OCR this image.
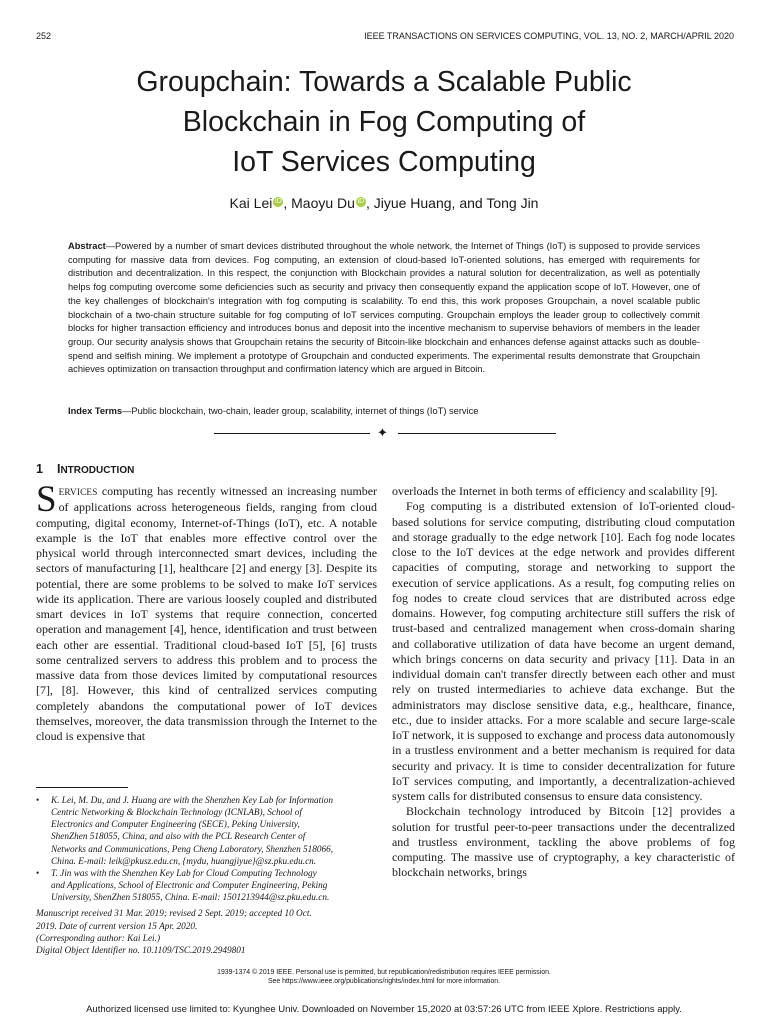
252	IEEE TRANSACTIONS ON SERVICES COMPUTING, VOL. 13, NO. 2, MARCH/APRIL 2020
Groupchain: Towards a Scalable Public
Blockchain in Fog Computing of
IoT Services Computing
Kai Lei iD , Maoyu Du iD , Jiyue Huang, and Tong Jin

Abstract—Powered by a number of smart devices distributed throughout the whole network, the Internet of Things (IoT) is supposed to provide services computing for massive data from devices. Fog computing, an extension of cloud-based IoT-oriented solutions, has emerged with requirements for distribution and decentralization. In this respect, the conjunction with Blockchain provides a natural solution for decentralization, as well as potentially helps fog computing overcome some deficiencies such as security and privacy then consequently expand the application scope of IoT. However, one of the key challenges of blockchain's integration with fog computing is scalability. To end this, this work proposes Groupchain, a novel scalable public blockchain of a two-chain structure suitable for fog computing of IoT services computing. Groupchain employs the leader group to collectively commit blocks for higher transaction efficiency and introduces bonus and deposit into the incentive mechanism to supervise behaviors of members in the leader group. Our security analysis shows that Groupchain retains the security of Bitcoin-like blockchain and enhances defense against attacks such as double-spend and selfish mining. We implement a prototype of Groupchain and conducted experiments. The experimental results demonstrate that Groupchain achieves optimization on transaction throughput and confirmation latency which are argued in Bitcoin.

Index Terms—Public blockchain, two-chain, leader group, scalability, internet of things (IoT) service

✦
1 INTRODUCTION

SERVICES computing has recently witnessed an increasing number of applications across heterogeneous fields, ranging from cloud computing, digital economy, Internet-of-Things (IoT), etc. A notable example is the IoT that enables more effective control over the physical world through interconnected smart devices, including the sectors of manufacturing [1], healthcare [2] and energy [3]. Despite its potential, there are some problems to be solved to make IoT services wide its application. There are various loosely coupled and distributed smart devices in IoT systems that require connection, concerted operation and management [4], hence, identification and trust between each other are essential. Traditional cloud-based IoT [5], [6] trusts some centralized servers to address this problem and to process the massive data from those devices limited by computational resources [7], [8]. However, this kind of centralized services computing completely abandons the computational power of IoT devices themselves, moreover, the data transmission through the Internet to the cloud is expensive that

overloads the Internet in both terms of efficiency and scalability [9].

Fog computing is a distributed extension of IoT-oriented cloud-based solutions for service computing, distributing cloud computation and storage gradually to the edge network [10]. Each fog node locates close to the IoT devices at the edge network and provides different capacities of computing, storage and networking to support the execution of service applications. As a result, fog computing relies on fog nodes to create cloud services that are distributed across edge domains. However, fog computing architecture still suffers the risk of trust-based and centralized management when cross-domain sharing and collaborative utilization of data have become an urgent demand, which brings concerns on data security and privacy [11]. Data in an individual domain can't transfer directly between each other and must rely on trusted intermediaries to achieve data exchange. But the administrators may disclose sensitive data, e.g., healthcare, finance, etc., due to insider attacks. For a more scalable and secure large-scale IoT network, it is supposed to exchange and process data autonomously in a trustless environment and a better mechanism is required for data security and privacy. It is time to consider decentralization for future IoT services computing, and importantly, a decentralization-achieved system calls for distributed consensus to ensure data consistency.

Blockchain technology introduced by Bitcoin [12] provides a solution for trustful peer-to-peer transactions under the decentralized and trustless environment, tackling the above problems of fog computing. The massive use of cryptography, a key characteristic of blockchain networks, brings

• K. Lei, M. Du, and J. Huang are with the Shenzhen Key Lab for Information

Centric Networking & Blockchain Technology (ICNLAB), School of

Electronics and Computer Engineering (SECE), Peking University,

ShenZhen 518055, China, and also with the PCL Research Center of

Networks and Communications, Peng Cheng Laboratory, Shenzhen 518066,

China. E-mail: leik@pkusz.edu.cn, {mydu, huangjiyue}@sz.pku.edu.cn.

• T. Jin was with the Shenzhen Key Lab for Cloud Computing Technology

and Applications, School of Electronic and Computer Engineering, Peking

University, ShenZhen 518055, China. E-mail: 1501213944@sz.pku.edu.cn.

Manuscript received 31 Mar. 2019; revised 2 Sept. 2019; accepted 10 Oct.

2019. Date of current version 15 Apr. 2020.

(Corresponding author: Kai Lei.)

Digital Object Identifier no. 10.1109/TSC.2019.2949801

1939-1374 © 2019 IEEE. Personal use is permitted, but republication/redistribution requires IEEE permission.

See https://www.ieee.org/publications/rights/index.html for more information.

Authorized licensed use limited to: Kyunghee Univ. Downloaded on November 15,2020 at 03:57:26 UTC from IEEE Xplore. Restrictions apply.
